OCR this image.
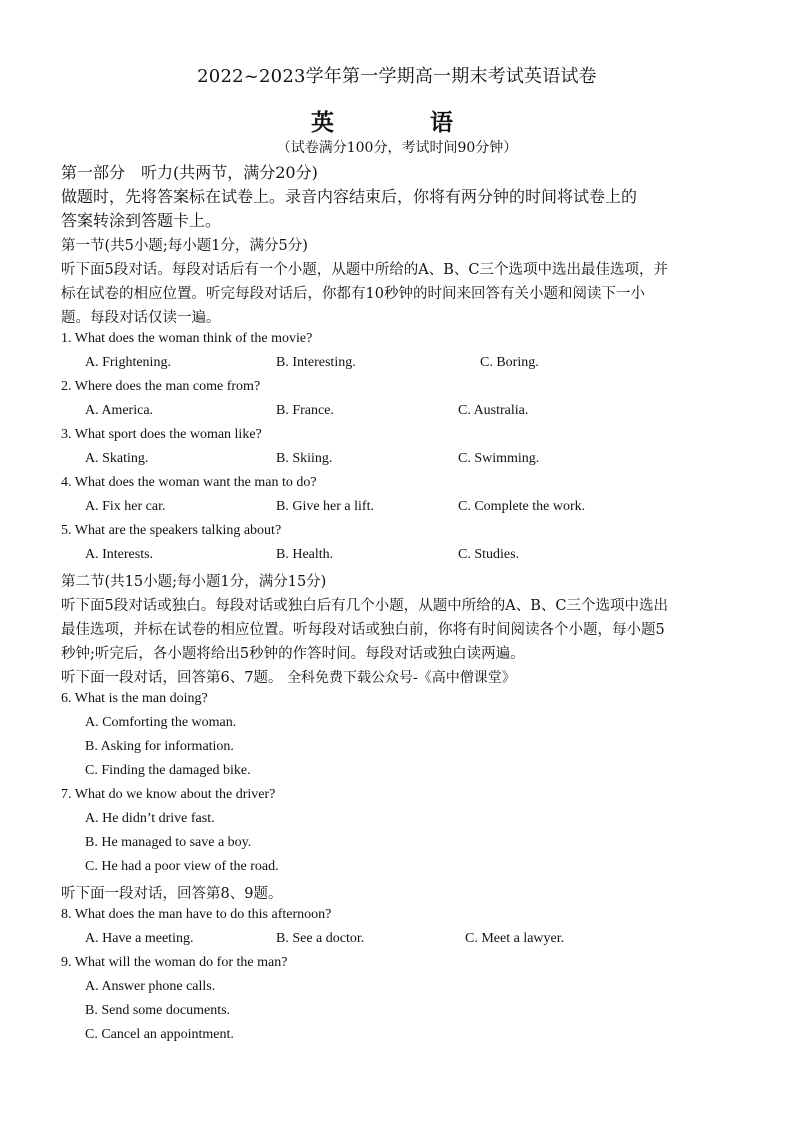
2022~2023学年第一学期高一期末考试英语试卷
英 语
（试卷满分100分，考试时间90分钟）
第一部分　听力(共两节，满分20分)
做题时，先将答案标在试卷上。录音内容结束后，你将有两分钟的时间将试卷上的
答案转涂到答题卡上。
第一节(共5小题;每小题1分，满分5分)
听下面5段对话。每段对话后有一个小题，从题中所给的A、B、C三个选项中选出最佳选项，并
标在试卷的相应位置。听完每段对话后，你都有10秒钟的时间来回答有关小题和阅读下一小
题。每段对话仅读一遍。
1. What does the woman think of the movie?
A. Frightening.	B. Interesting.	C. Boring.
2. Where does the man come from?
A. America.	B. France.	C. Australia.
3. What sport does the woman like?
A. Skating.	B. Skiing.	C. Swimming.
4. What does the woman want the man to do?
A. Fix her car.	B. Give her a lift.	C. Complete the work.
5. What are the speakers talking about?
A. Interests.	B. Health.	C. Studies.
第二节(共15小题;每小题1分，满分15分)
听下面5段对话或独白。每段对话或独白后有几个小题，从题中所给的A、B、C三个选项中选出
最佳选项，并标在试卷的相应位置。听每段对话或独白前，你将有时间阅读各个小题，每小题5
秒钟;听完后，各小题将给出5秒钟的作答时间。每段对话或独白读两遍。
听下面一段对话，回答第6、7题。 全科免费下载公众号-《高中僧课堂》
6. What is the man doing?
A. Comforting the woman.
B. Asking for information.
C. Finding the damaged bike.
7. What do we know about the driver?
A. He didn’t drive fast.
B. He managed to save a boy.
C. He had a poor view of the road.
听下面一段对话，回答第8、9题。
8. What does the man have to do this afternoon?
A. Have a meeting.	B. See a doctor.	C. Meet a lawyer.
9. What will the woman do for the man?
A. Answer phone calls.
B. Send some documents.
C. Cancel an appointment.
